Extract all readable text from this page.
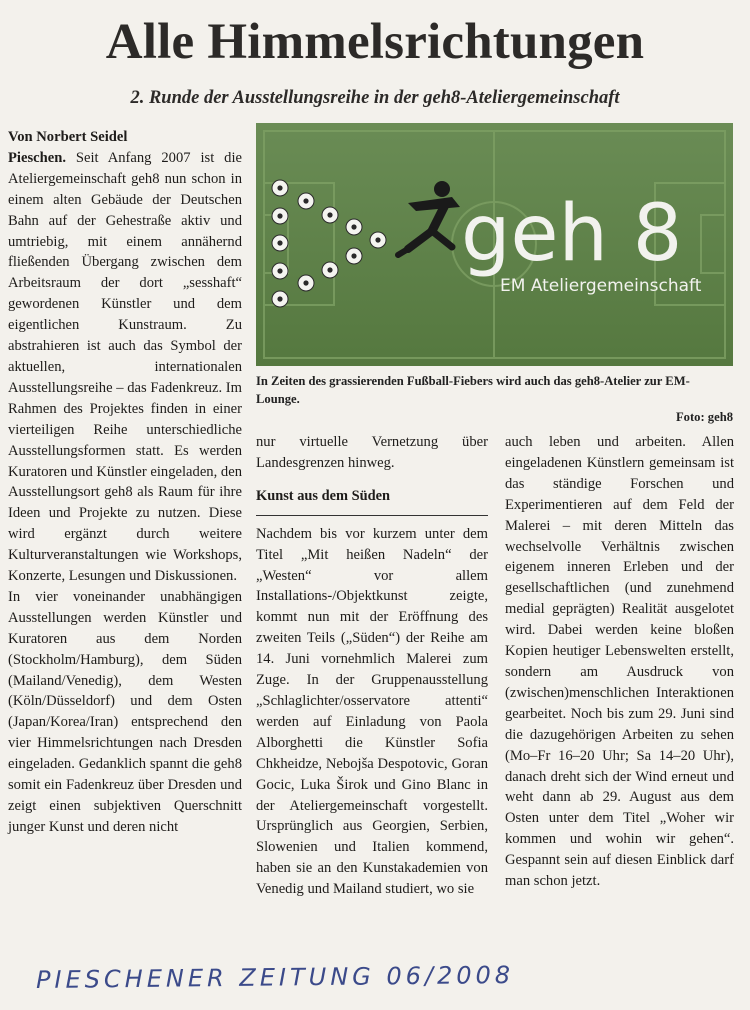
Alle Himmelsrichtungen
2. Runde der Ausstellungsreihe in der geh8-Ateliergemeinschaft

Von Norbert Seidel

Pieschen. Seit Anfang 2007 ist die Ateliergemeinschaft geh8 nun schon in einem alten Gebäude der Deutschen Bahn auf der Gehestraße aktiv und umtriebig, mit einem annähernd fließenden Übergang zwischen dem Arbeitsraum der dort „sesshaft“ gewordenen Künstler und dem eigentlichen Kunstraum. Zu abstrahieren ist auch das Symbol der aktuellen, internationalen Ausstellungsreihe – das Fadenkreuz. Im Rahmen des Projektes finden in einer vierteiligen Reihe unterschiedliche Ausstellungsformen statt. Es werden Kuratoren und Künstler eingeladen, den Ausstellungsort geh8 als Raum für ihre Ideen und Projekte zu nutzen. Diese wird ergänzt durch weitere Kulturveranstaltungen wie Workshops, Konzerte, Lesungen und Diskussionen.

In vier voneinander unabhängigen Ausstellungen werden Künstler und Kuratoren aus dem Norden (Stockholm/Hamburg), dem Süden (Mailand/Venedig), dem Westen (Köln/Düsseldorf) und dem Osten (Japan/Korea/Iran) entsprechend den vier Himmelsrichtungen nach Dresden eingeladen. Gedanklich spannt die geh8 somit ein Fadenkreuz über Dresden und zeigt einen subjektiven Querschnitt junger Kunst und deren nicht

geh 8
EM Ateliergemeinschaft
In Zeiten des grassierenden Fußball-Fiebers wird auch das geh8-Atelier zur EM-Lounge.
Foto: geh8

nur virtuelle Vernetzung über Landesgrenzen hinweg.

Kunst aus dem Süden

Nachdem bis vor kurzem unter dem Titel „Mit heißen Nadeln“ der „Westen“ vor allem Installations-/Objektkunst zeigte, kommt nun mit der Eröffnung des zweiten Teils („Süden“) der Reihe am 14. Juni vornehmlich Malerei zum Zuge. In der Gruppenausstellung „Schlaglichter/osservatore attenti“ werden auf Einladung von Paola Alborghetti die Künstler Sofia Chkheidze, Nebojša Despotovic, Goran Gocic, Luka Širok und Gino Blanc in der Ateliergemeinschaft vorgestellt. Ursprünglich aus Georgien, Serbien, Slowenien und Italien kommend, haben sie an den Kunstakademien von Venedig und Mailand studiert, wo sie

auch leben und arbeiten. Allen eingeladenen Künstlern gemeinsam ist das ständige Forschen und Experimentieren auf dem Feld der Malerei – mit deren Mitteln das wechselvolle Verhältnis zwischen eigenem inneren Erleben und der gesellschaftlichen (und zunehmend medial geprägten) Realität ausgelotet wird. Dabei werden keine bloßen Kopien heutiger Lebenswelten erstellt, sondern am Ausdruck von (zwischen)menschlichen Interaktionen gearbeitet. Noch bis zum 29. Juni sind die dazugehörigen Arbeiten zu sehen (Mo–Fr 16–20 Uhr; Sa 14–20 Uhr), danach dreht sich der Wind erneut und weht dann ab 29. August aus dem Osten unter dem Titel „Woher wir kommen und wohin wir gehen“. Gespannt sein auf diesen Einblick darf man schon jetzt.

PIESCHENER ZEITUNG 06/2008
